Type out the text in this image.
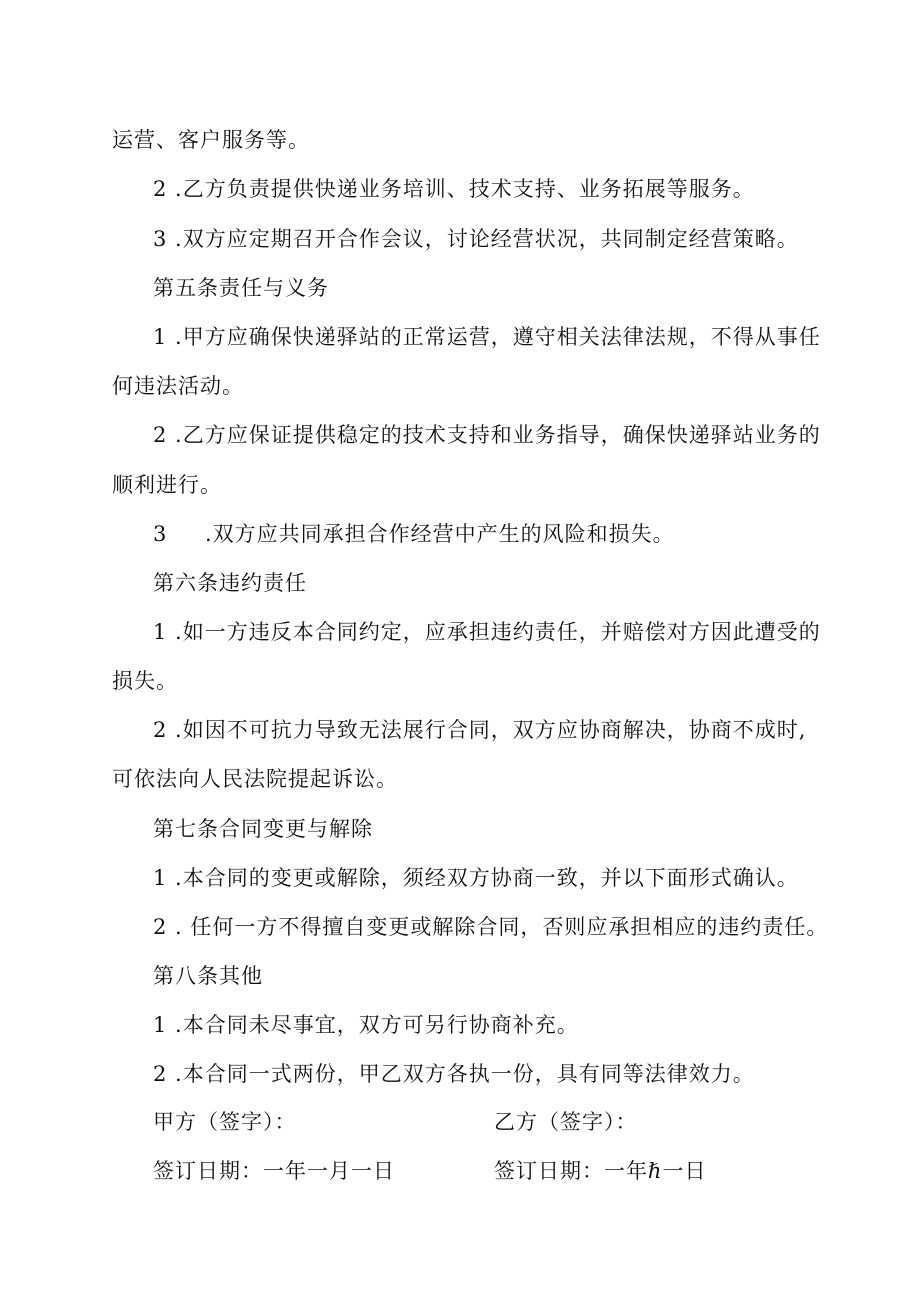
运营、客户服务等。
2 .乙方负责提供快递业务培训、技术支持、业务拓展等服务。
3 .双方应定期召开合作会议，讨论经营状况，共同制定经营策略。
第五条责任与义务
1 .甲方应确保快递驿站的正常运营，遵守相关法律法规，不得从事任
何违法活动。
2 .乙方应保证提供稳定的技术支持和业务指导，确保快递驿站业务的
顺利进行。
3 .双方应共同承担合作经营中产生的风险和损失。
第六条违约责任
1 .如一方违反本合同约定，应承担违约责任，并赔偿对方因此遭受的
损失。
2 .如因不可抗力导致无法展行合同，双方应协商解决，协商不成时,
可依法向人民法院提起诉讼。
第七条合同变更与解除
1 .本合同的变更或解除，须经双方协商一致，并以下面形式确认。
2 . 任何一方不得擅自变更或解除合同，否则应承担相应的违约责任。
第八条其他
1 .本合同未尽事宜，双方可另行协商补充。
2 .本合同一式两份，甲乙双方各执一份，具有同等法律效力。
甲方（签字）：	乙方（签字）：
签订日期：一年一月一日	签订日期：一年ℏ一日
